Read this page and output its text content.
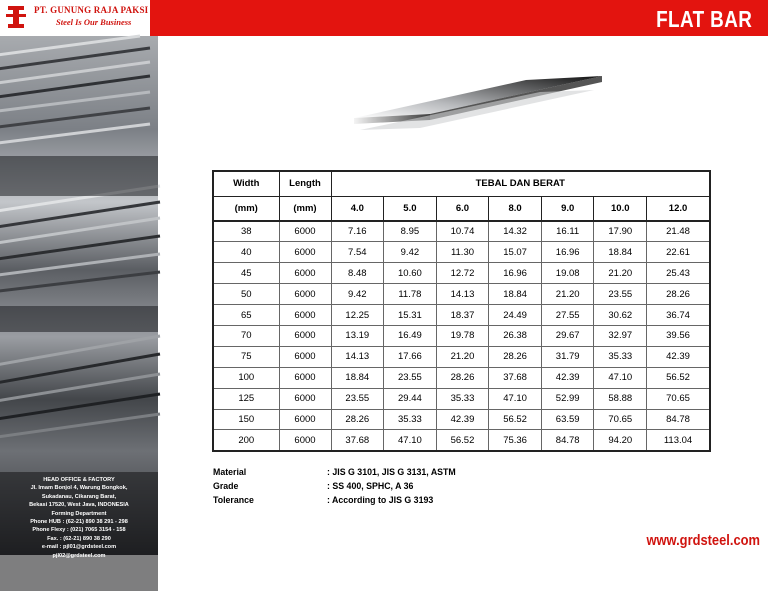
PT. GUNUNG RAJA PAKSI
Steel Is Our Business	FLAT BAR
HEAD OFFICE & FACTORY
Jl. Imam Bonjol 4, Warung Bongkok,
Sukadanau, Cikarang Barat,
Bekasi 17520, West Java, INDONESIA
Forming Department
Phone HUB : (62-21) 890 38 291 - 298
Phone Flexy : (021) 7065 3154 - 158
Fax. : (62-21) 890 38 290
e-mail : pjl01@grdsteel.com
pjl02@grdsteel.com
Width	Length	TEBAL DAN BERAT						
(mm)	(mm)	4.0	5.0	6.0	8.0	9.0	10.0	12.0
38	6000	7.16	8.95	10.74	14.32	16.11	17.90	21.48
40	6000	7.54	9.42	11.30	15.07	16.96	18.84	22.61
45	6000	8.48	10.60	12.72	16.96	19.08	21.20	25.43
50	6000	9.42	11.78	14.13	18.84	21.20	23.55	28.26
65	6000	12.25	15.31	18.37	24.49	27.55	30.62	36.74
70	6000	13.19	16.49	19.78	26.38	29.67	32.97	39.56
75	6000	14.13	17.66	21.20	28.26	31.79	35.33	42.39
100	6000	18.84	23.55	28.26	37.68	42.39	47.10	56.52
125	6000	23.55	29.44	35.33	47.10	52.99	58.88	70.65
150	6000	28.26	35.33	42.39	56.52	63.59	70.65	84.78
200	6000	37.68	47.10	56.52	75.36	84.78	94.20	113.04
Material	: JIS G 3101, JIS G 3131, ASTM
Grade	: SS 400, SPHC, A 36
Tolerance	: According to JIS G 3193
www.grdsteel.com
